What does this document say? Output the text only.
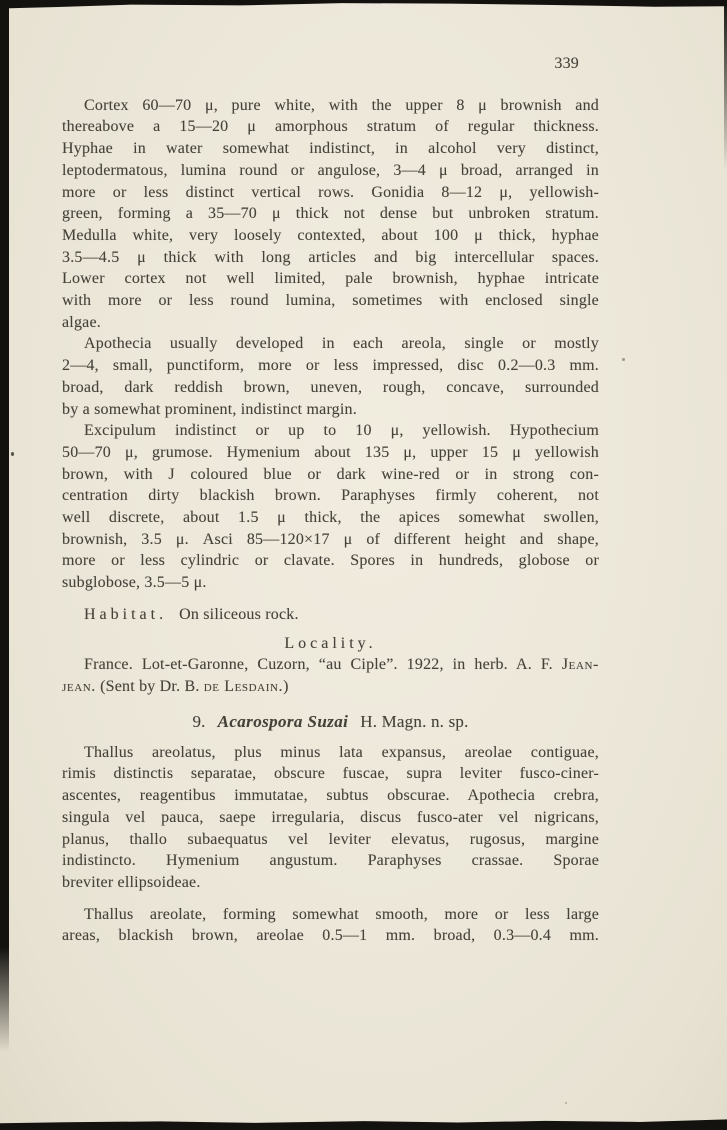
339
Cortex 60—70 μ, pure white, with the upper 8 μ brownish and
thereabove a 15—20 μ amorphous stratum of regular thickness.
Hyphae in water somewhat indistinct, in alcohol very distinct,
leptodermatous, lumina round or angulose, 3—4 μ broad, arranged in
more or less distinct vertical rows. Gonidia 8—12 μ, yellowish-
green, forming a 35—70 μ thick not dense but unbroken stratum.
Medulla white, very loosely contexted, about 100 μ thick, hyphae
3.5—4.5 μ thick with long articles and big intercellular spaces.
Lower cortex not well limited, pale brownish, hyphae intricate
with more or less round lumina, sometimes with enclosed single
algae.
Apothecia usually developed in each areola, single or mostly
2—4, small, punctiform, more or less impressed, disc 0.2—0.3 mm.
broad, dark reddish brown, uneven, rough, concave, surrounded
by a somewhat prominent, indistinct margin.
Excipulum indistinct or up to 10 μ, yellowish. Hypothecium
50—70 μ, grumose. Hymenium about 135 μ, upper 15 μ yellowish
brown, with J coloured blue or dark wine-red or in strong con-
centration dirty blackish brown. Paraphyses firmly coherent, not
well discrete, about 1.5 μ thick, the apices somewhat swollen,
brownish, 3.5 μ. Asci 85—120×17 μ of different height and shape,
more or less cylindric or clavate. Spores in hundreds, globose or
subglobose, 3.5—5 μ.
Habitat. On siliceous rock.
Locality.
France. Lot-et-Garonne, Cuzorn, “au Ciple”. 1922, in herb. A. F. Jean-
jean. (Sent by Dr. B. de Lesdain.)
9. Acarospora Suzai H. Magn. n. sp.
Thallus areolatus, plus minus lata expansus, areolae contiguae,
rimis distinctis separatae, obscure fuscae, supra leviter fusco-ciner-
ascentes, reagentibus immutatae, subtus obscurae. Apothecia crebra,
singula vel pauca, saepe irregularia, discus fusco-ater vel nigricans,
planus, thallo subaequatus vel leviter elevatus, rugosus, margine
indistincto. Hymenium angustum. Paraphyses crassae. Sporae
breviter ellipsoideae.
Thallus areolate, forming somewhat smooth, more or less large
areas, blackish brown, areolae 0.5—1 mm. broad, 0.3—0.4 mm.
